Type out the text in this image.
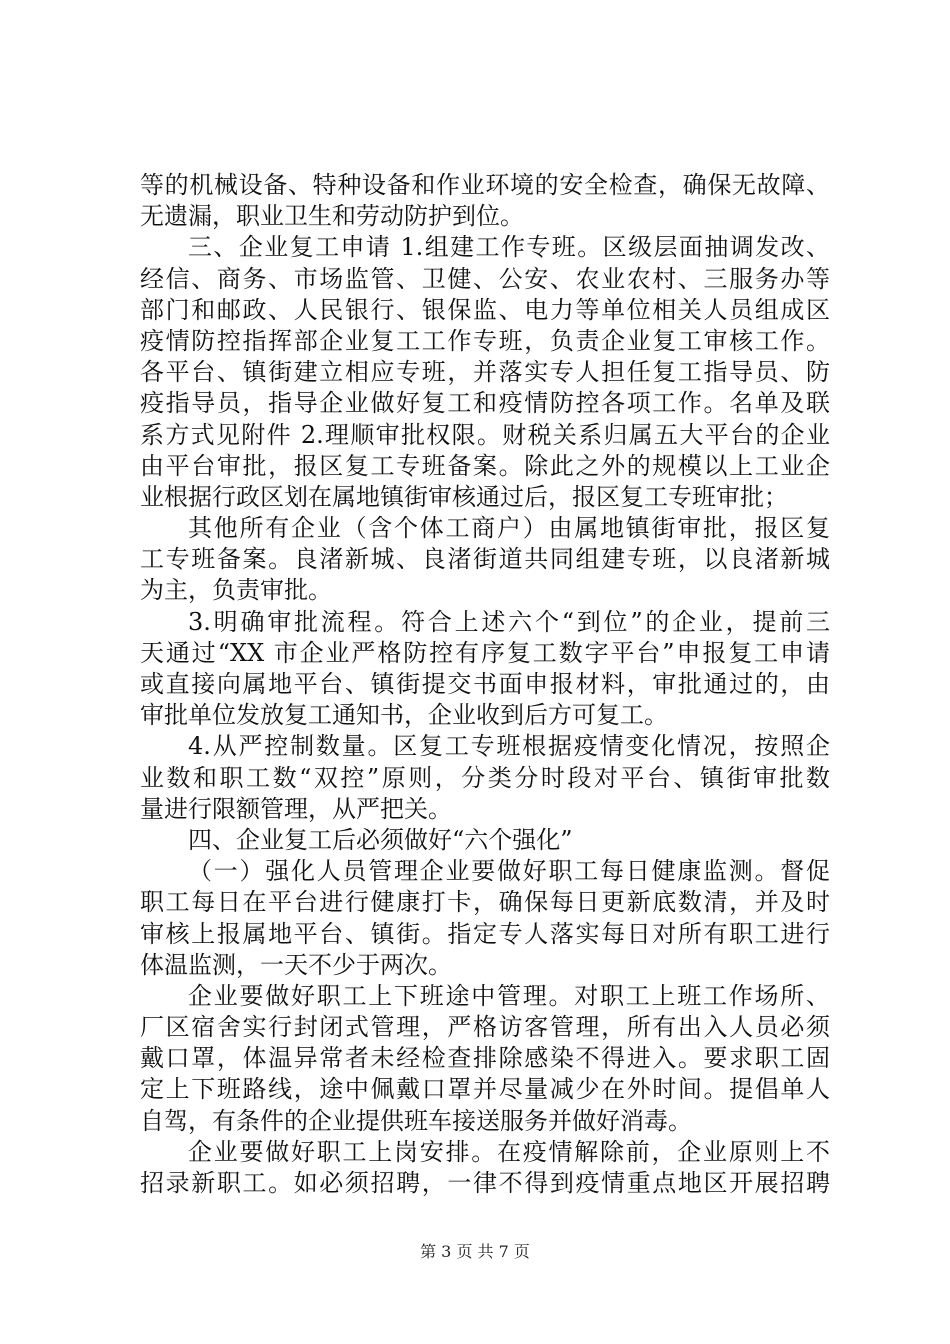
等的机械设备、特种设备和作业环境的安全检查，确保无故障、
无遗漏，职业卫生和劳动防护到位。
三、企业复工申请 1.组建工作专班。区级层面抽调发改、
经信、商务、市场监管、卫健、公安、农业农村、三服务办等
部门和邮政、人民银行、银保监、电力等单位相关人员组成区
疫情防控指挥部企业复工工作专班，负责企业复工审核工作。
各平台、镇街建立相应专班，并落实专人担任复工指导员、防
疫指导员，指导企业做好复工和疫情防控各项工作。名单及联
系方式见附件 2.理顺审批权限。财税关系归属五大平台的企业
由平台审批，报区复工专班备案。除此之外的规模以上工业企
业根据行政区划在属地镇街审核通过后，报区复工专班审批；
其他所有企业（含个体工商户）由属地镇街审批，报区复
工专班备案。良渚新城、良渚街道共同组建专班，以良渚新城
为主，负责审批。
3.明确审批流程。符合上述六个“到位”的企业，提前三
天通过“XX 市企业严格防控有序复工数字平台”申报复工申请
或直接向属地平台、镇街提交书面申报材料，审批通过的，由
审批单位发放复工通知书，企业收到后方可复工。
4.从严控制数量。区复工专班根据疫情变化情况，按照企
业数和职工数“双控”原则，分类分时段对平台、镇街审批数
量进行限额管理，从严把关。
四、企业复工后必须做好“六个强化”
（一）强化人员管理企业要做好职工每日健康监测。督促
职工每日在平台进行健康打卡，确保每日更新底数清，并及时
审核上报属地平台、镇街。指定专人落实每日对所有职工进行
体温监测，一天不少于两次。
企业要做好职工上下班途中管理。对职工上班工作场所、
厂区宿舍实行封闭式管理，严格访客管理，所有出入人员必须
戴口罩，体温异常者未经检查排除感染不得进入。要求职工固
定上下班路线，途中佩戴口罩并尽量减少在外时间。提倡单人
自驾，有条件的企业提供班车接送服务并做好消毒。
企业要做好职工上岗安排。在疫情解除前，企业原则上不
招录新职工。如必须招聘，一律不得到疫情重点地区开展招聘
第 3 页 共 7 页
